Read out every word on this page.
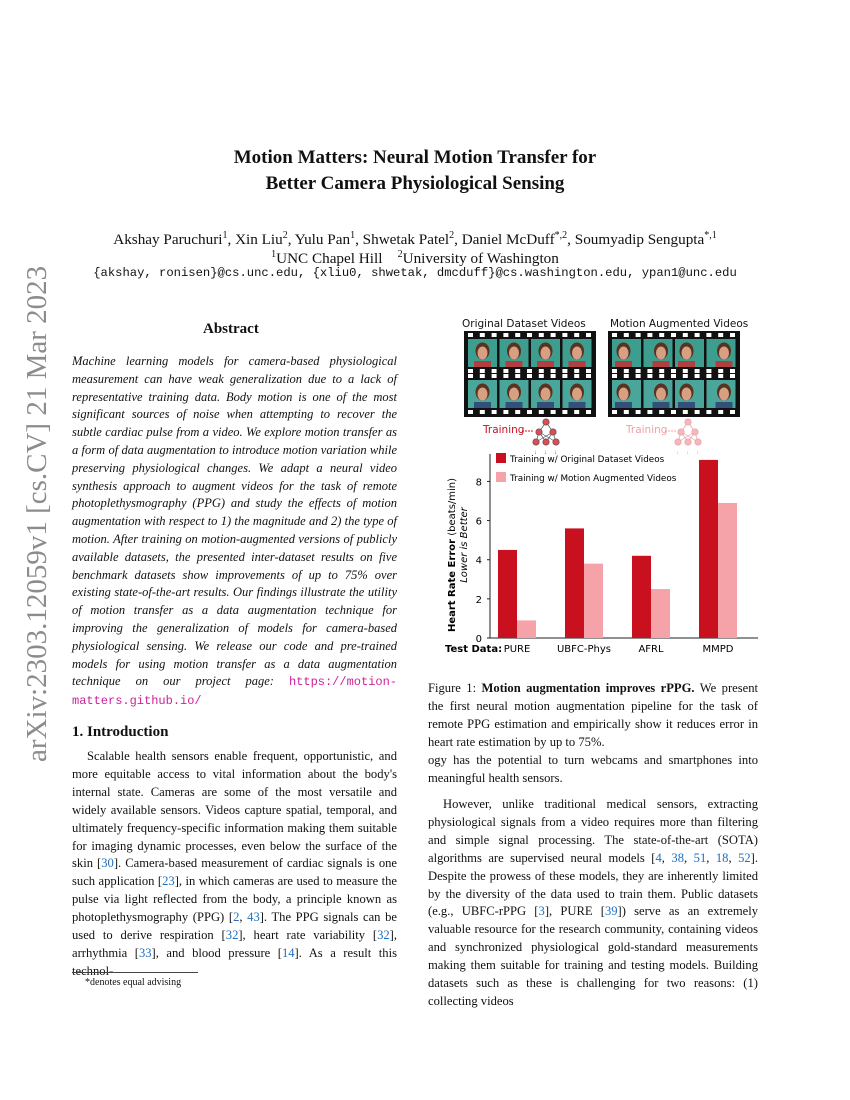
arXiv:2303.12059v1 [cs.CV] 21 Mar 2023
Motion Matters: Neural Motion Transfer for
Better Camera Physiological Sensing
Akshay Paruchuri$^1$, Xin Liu$^2$, Yulu Pan$^1$, Shwetak Patel$^2$, Daniel McDuff$^{*,2}$, Soumyadip Sengupta$^{*,1}$
$^1$UNC Chapel Hill  $^2$University of Washington
{akshay, ronisen}@cs.unc.edu, {xliu0, shwetak, dmcduff}@cs.washington.edu, ypan1@unc.edu
Abstract
Machine learning models for camera-based physiological measurement can have weak generalization due to a lack of representative training data. Body motion is one of the most significant sources of noise when attempting to recover the subtle cardiac pulse from a video. We explore motion transfer as a form of data augmentation to introduce motion variation while preserving physiological changes. We adapt a neural video synthesis approach to augment videos for the task of remote photoplethysmography (PPG) and study the effects of motion augmentation with respect to 1) the magnitude and 2) the type of motion. After training on motion-augmented versions of publicly available datasets, the presented inter-dataset results on five benchmark datasets show improvements of up to 75% over existing state-of-the-art results. Our findings illustrate the utility of motion transfer as a data augmentation technique for improving the generalization of models for camera-based physiological sensing. We release our code and pre-trained models for using motion transfer as a data augmentation technique on our project page: https://motion-matters.github.io/
1. Introduction
Scalable health sensors enable frequent, opportunistic, and more equitable access to vital information about the body's internal state. Cameras are some of the most versatile and widely available sensors. Videos capture spatial, temporal, and ultimately frequency-specific information making them suitable for imaging dynamic processes, even below the surface of the skin [30]. Camera-based measurement of cardiac signals is one such application [23], in which cameras are used to measure the pulse via light reflected from the body, a principle known as photoplethysmography (PPG) [2, 43]. The PPG signals can be used to derive respiration [32], heart rate variability [32], arrhythmia [33], and blood pressure [14]. As a result this technol-
*denotes equal advising
Original Dataset Videos Motion Augmented Videos
:	:
↓ ↓ ↓	↓ ↓ ↓
0
2
4
6
8
Heart Rate Error (beats/min) Lower is Better
PURE	UBFC-Phys	AFRL	MMPD
Test Data:
Training w/ Original Dataset Videos
Training w/ Motion Augmented Videos
Training	Training
Figure 1: Motion augmentation improves rPPG. We present the first neural motion augmentation pipeline for the task of remote PPG estimation and empirically show it reduces error in heart rate estimation by up to 75%.
ogy has the potential to turn webcams and smartphones into meaningful health sensors.
However, unlike traditional medical sensors, extracting physiological signals from a video requires more than filtering and simple signal processing. The state-of-the-art (SOTA) algorithms are supervised neural models [4, 38, 51, 18, 52]. Despite the prowess of these models, they are inherently limited by the diversity of the data used to train them. Public datasets (e.g., UBFC-rPPG [3], PURE [39]) serve as an extremely valuable resource for the research community, containing videos and synchronized physiological gold-standard measurements making them suitable for training and testing models. Building datasets such as these is challenging for two reasons: (1) collecting videos
